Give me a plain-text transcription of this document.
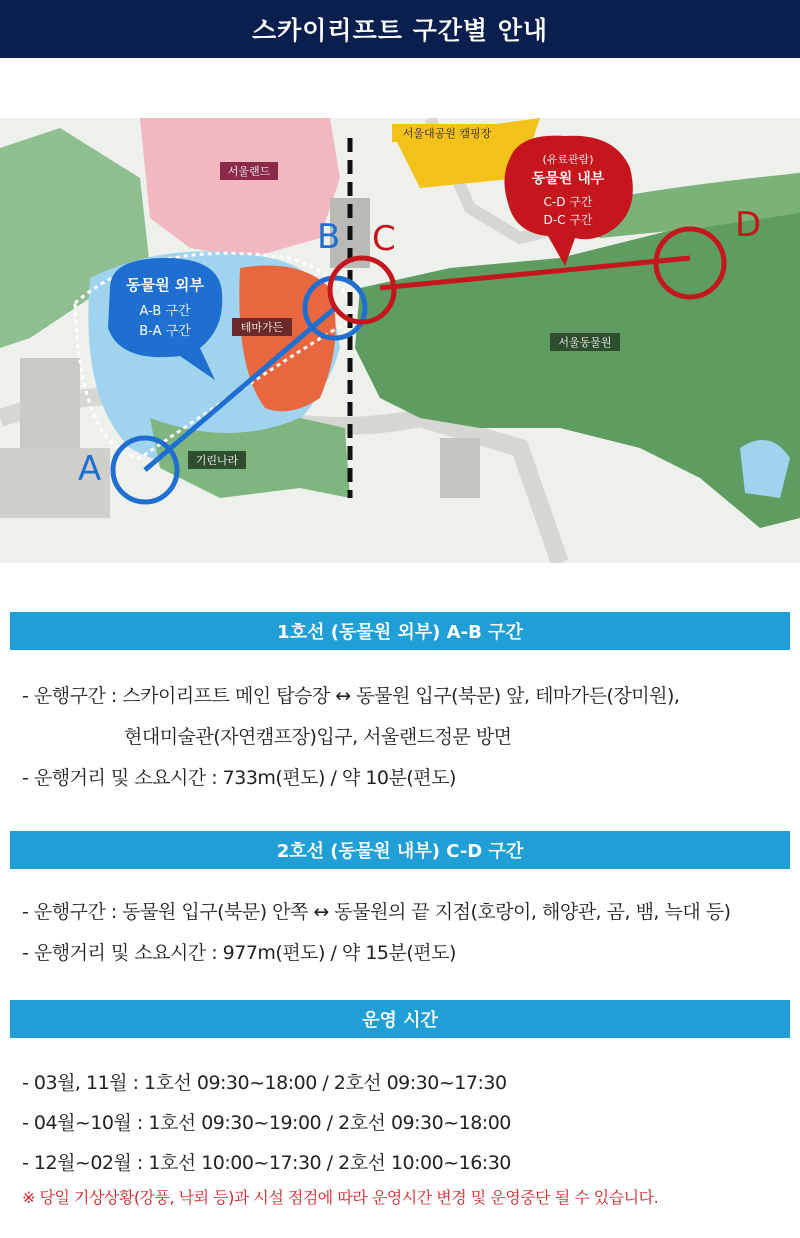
스카이리프트 구간별 안내
A
B C	D
동물원 외부
A-B 구간
B-A 구간
(유료관람)
동물원 내부
C-D 구간
D-C 구간
서울대공원 캠핑장
서울랜드
테마가든
기린나라
서울동물원
1호선 (동물원 외부) A-B 구간
- 운행구간 : 스카이리프트 메인 탑승장 ↔ 동물원 입구(북문) 앞, 테마가든(장미원),
현대미술관(자연캠프장)입구, 서울랜드정문 방면
- 운행거리 및 소요시간 : 733m(편도) / 약 10분(편도)
2호선 (동물원 내부) C-D 구간
- 운행구간 : 동물원 입구(북문) 안쪽 ↔ 동물원의 끝 지점(호랑이, 해양관, 곰, 뱀, 늑대 등)
- 운행거리 및 소요시간 : 977m(편도) / 약 15분(편도)
운영 시간
- 03월, 11월 : 1호선 09:30~18:00 / 2호선 09:30~17:30
- 04월~10월 : 1호선 09:30~19:00 / 2호선 09:30~18:00
- 12월~02월 : 1호선 10:00~17:30 / 2호선 10:00~16:30
※ 당일 기상상황(강풍, 낙뢰 등)과 시설 점검에 따라 운영시간 변경 및 운영중단 될 수 있습니다.
